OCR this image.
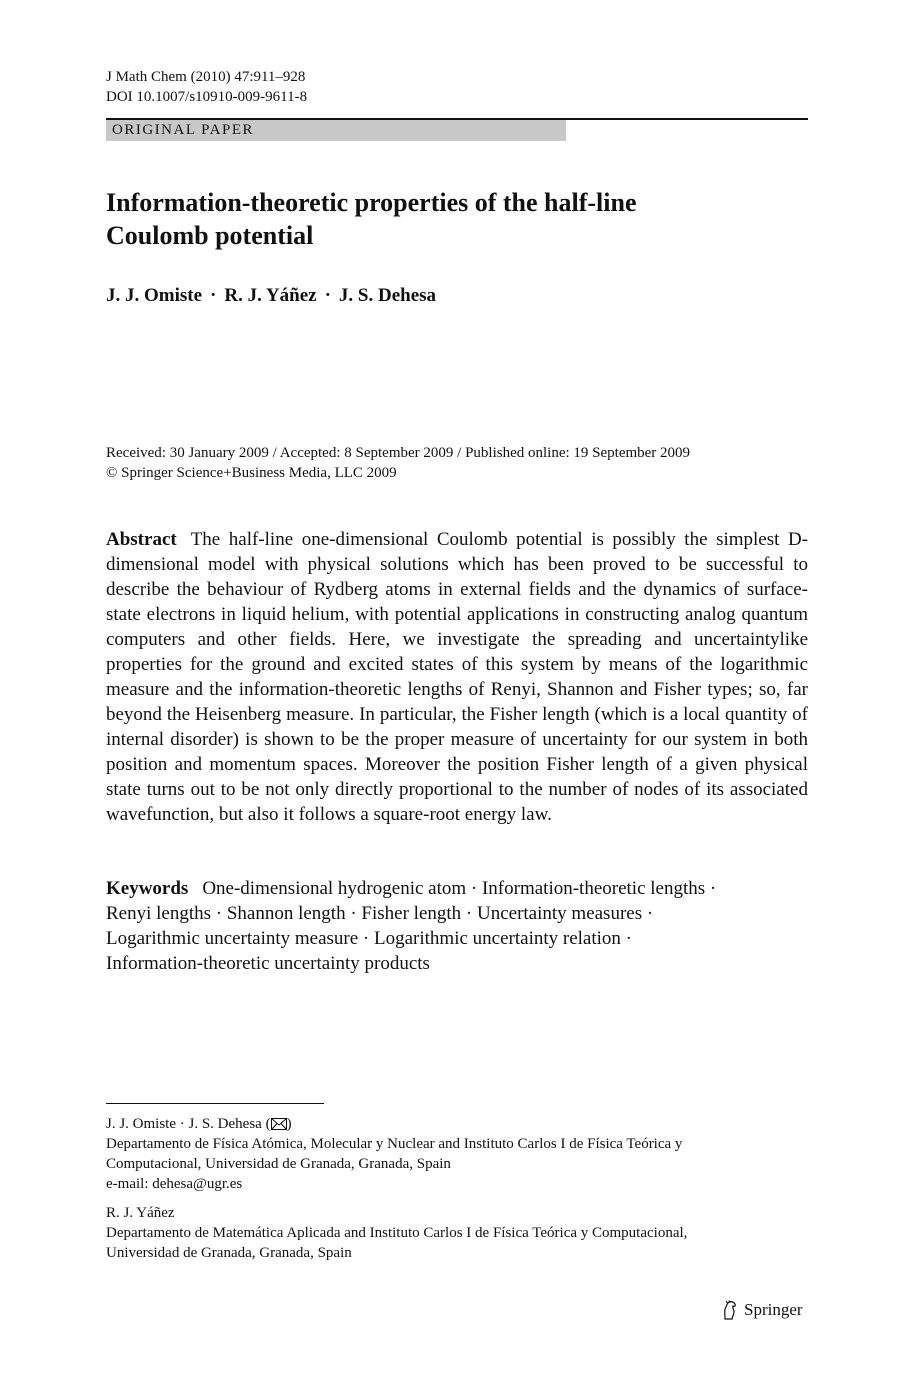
J Math Chem (2010) 47:911–928
DOI 10.1007/s10910-009-9611-8
ORIGINAL PAPER
Information-theoretic properties of the half-line
Coulomb potential
J. J. Omiste · R. J. Yáñez · J. S. Dehesa
Received: 30 January 2009 / Accepted: 8 September 2009 / Published online: 19 September 2009
© Springer Science+Business Media, LLC 2009
Abstract The half-line one-dimensional Coulomb potential is possibly the simplest D-dimensional model with physical solutions which has been proved to be successful to describe the behaviour of Rydberg atoms in external fields and the dynamics of surface-state electrons in liquid helium, with potential applications in constructing analog quantum computers and other fields. Here, we investigate the spreading and uncertaintylike properties for the ground and excited states of this system by means of the logarithmic measure and the information-theoretic lengths of Renyi, Shannon and Fisher types; so, far beyond the Heisenberg measure. In particular, the Fisher length (which is a local quantity of internal disorder) is shown to be the proper measure of uncertainty for our system in both position and momentum spaces. Moreover the position Fisher length of a given physical state turns out to be not only directly proportional to the number of nodes of its associated wavefunction, but also it follows a square-root energy law.
Keywords One-dimensional hydrogenic atom · Information-theoretic lengths ·
Renyi lengths · Shannon length · Fisher length · Uncertainty measures ·
Logarithmic uncertainty measure · Logarithmic uncertainty relation ·
Information-theoretic uncertainty products
J. J. Omiste · J. S. Dehesa ( )
Departamento de Física Atómica, Molecular y Nuclear and Instituto Carlos I de Física Teórica y
Computacional, Universidad de Granada, Granada, Spain
e-mail: dehesa@ugr.es
R. J. Yáñez
Departamento de Matemática Aplicada and Instituto Carlos I de Física Teórica y Computacional,
Universidad de Granada, Granada, Spain
Springer
